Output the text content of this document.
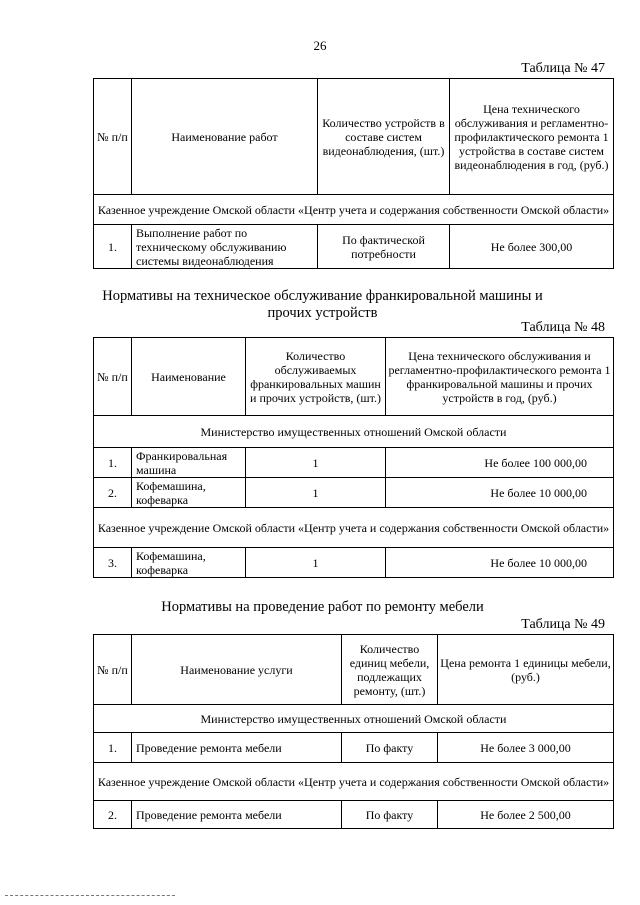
26
Таблица № 47
№ п/п	Наименование работ	Количество устройств в составе систем видеонаблюдения, (шт.)	Цена технического обслуживания и регламентно-профилактического ремонта 1 устройства в составе систем видеонаблюдения в год, (руб.)
Казенное учреждение Омской области «Центр учета и содержания собственности Омской области»			
1.	Выполнение работ по техническому обслуживанию системы видеонаблюдения	По фактической потребности	Не более 300,00
Нормативы на техническое обслуживание франкировальной машины и прочих устройств
Таблица № 48
№ п/п	Наименование	Количество обслуживаемых франкировальных машин и прочих устройств, (шт.)	Цена технического обслуживания и регламентно-профилактического ремонта 1 франкировальной машины и прочих устройств в год, (руб.)
Министерство имущественных отношений Омской области			
1.	Франкировальная машина	1	Не более 100 000,00
2.	Кофемашина, кофеварка	1	Не более 10 000,00
Казенное учреждение Омской области «Центр учета и содержания собственности Омской области»			
3.	Кофемашина, кофеварка	1	Не более 10 000,00
Нормативы на проведение работ по ремонту мебели
Таблица № 49
№ п/п	Наименование услуги	Количество единиц мебели, подлежащих ремонту, (шт.)	Цена ремонта 1 единицы мебели, (руб.)
Министерство имущественных отношений Омской области			
1.	Проведение ремонта мебели	По факту	Не более 3 000,00
Казенное учреждение Омской области «Центр учета и содержания собственности Омской области»			
2.	Проведение ремонта мебели	По факту	Не более 2 500,00
